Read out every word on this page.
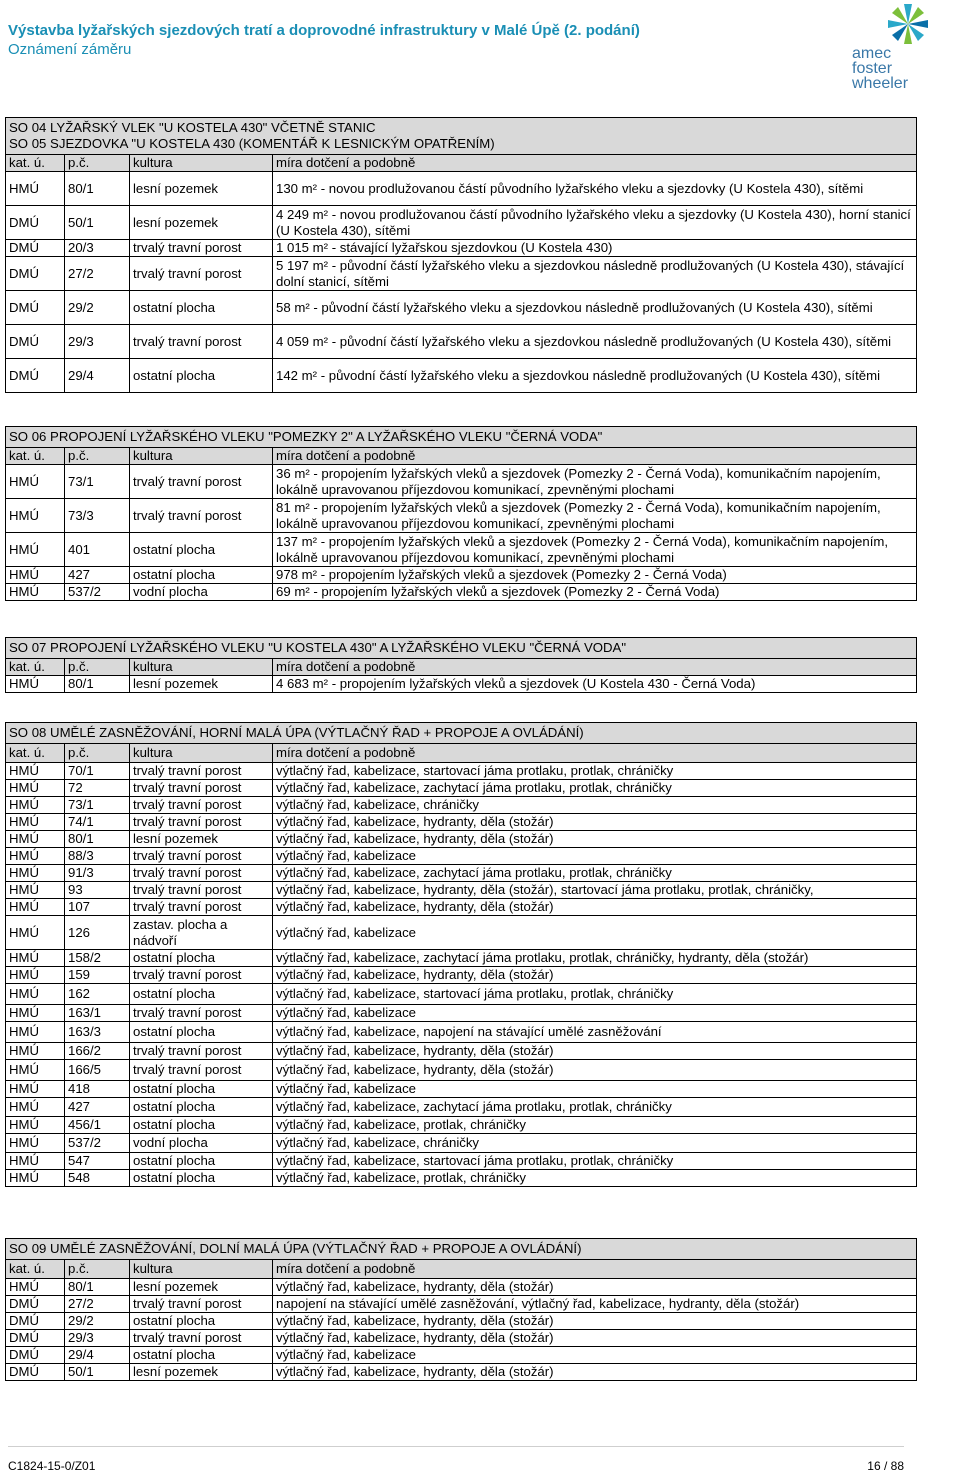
Výstavba lyžařských sjezdových tratí a doprovodné infrastruktury v Malé Úpě (2. podání)
Oznámení záměru	amec
foster
wheeler
SO 04 LYŽAŘSKÝ VLEK "U KOSTELA 430" VČETNĚ STANIC
SO 05 SJEZDOVKA "U KOSTELA 430 (KOMENTÁŘ K LESNICKÝM OPATŘENÍM)			

kat. ú.	p.č.	kultura	míra dotčení a podobně
HMÚ	80/1	lesní pozemek	130 m² - novou prodlužovanou částí původního lyžařského vleku a sjezdovky (U Kostela 430), sítěmi
DMÚ	50/1	lesní pozemek	4 249 m² - novou prodlužovanou částí původního lyžařského vleku a sjezdovky (U Kostela 430), horní stanicí (U Kostela 430), sítěmi
DMÚ	20/3	trvalý travní porost	1 015 m² - stávající lyžařskou sjezdovkou (U Kostela 430)
DMÚ	27/2	trvalý travní porost	5 197 m² - původní částí lyžařského vleku a sjezdovkou následně prodlužovaných (U Kostela 430), stávající dolní stanicí, sítěmi
DMÚ	29/2	ostatní plocha	58 m² - původní částí lyžařského vleku a sjezdovkou následně prodlužovaných (U Kostela 430), sítěmi
DMÚ	29/3	trvalý travní porost	4 059 m² - původní částí lyžařského vleku a sjezdovkou následně prodlužovaných (U Kostela 430), sítěmi
DMÚ	29/4	ostatní plocha	142 m² - původní částí lyžařského vleku a sjezdovkou následně prodlužovaných (U Kostela 430), sítěmi
SO 06 PROPOJENÍ LYŽAŘSKÉHO VLEKU "POMEZKY 2" A LYŽAŘSKÉHO VLEKU "ČERNÁ VODA"			

kat. ú.	p.č.	kultura	míra dotčení a podobně
HMÚ	73/1	trvalý travní porost	36 m² - propojením lyžařských vleků a sjezdovek (Pomezky 2 - Černá Voda), komunikačním napojením, lokálně upravovanou příjezdovou komunikací, zpevněnými plochami
HMÚ	73/3	trvalý travní porost	81 m² - propojením lyžařských vleků a sjezdovek (Pomezky 2 - Černá Voda), komunikačním napojením, lokálně upravovanou příjezdovou komunikací, zpevněnými plochami
HMÚ	401	ostatní plocha	137 m² - propojením lyžařských vleků a sjezdovek (Pomezky 2 - Černá Voda), komunikačním napojením, lokálně upravovanou příjezdovou komunikací, zpevněnými plochami
HMÚ	427	ostatní plocha	978 m² - propojením lyžařských vleků a sjezdovek (Pomezky 2 - Černá Voda)
HMÚ	537/2	vodní plocha	69 m² - propojením lyžařských vleků a sjezdovek (Pomezky 2 - Černá Voda)
SO 07 PROPOJENÍ LYŽAŘSKÉHO VLEKU "U KOSTELA 430" A LYŽAŘSKÉHO VLEKU "ČERNÁ VODA"			

kat. ú.	p.č.	kultura	míra dotčení a podobně
HMÚ	80/1	lesní pozemek	4 683 m² - propojením lyžařských vleků a sjezdovek (U Kostela 430 - Černá Voda)
SO 08 UMĚLÉ ZASNĚŽOVÁNÍ, HORNÍ MALÁ ÚPA (VÝTLAČNÝ ŘAD + PROPOJE A OVLÁDÁNÍ)			

kat. ú.	p.č.	kultura	míra dotčení a podobně
HMÚ	70/1	trvalý travní porost	výtlačný řad, kabelizace, startovací jáma protlaku, protlak, chráničky
HMÚ	72	trvalý travní porost	výtlačný řad, kabelizace, zachytací jáma protlaku, protlak, chráničky
HMÚ	73/1	trvalý travní porost	výtlačný řad, kabelizace, chráničky
HMÚ	74/1	trvalý travní porost	výtlačný řad, kabelizace, hydranty, děla (stožár)
HMÚ	80/1	lesní pozemek	výtlačný řad, kabelizace, hydranty, děla (stožár)
HMÚ	88/3	trvalý travní porost	výtlačný řad, kabelizace
HMÚ	91/3	trvalý travní porost	výtlačný řad, kabelizace, zachytací jáma protlaku, protlak, chráničky
HMÚ	93	trvalý travní porost	výtlačný řad, kabelizace, hydranty, děla (stožár), startovací jáma protlaku, protlak, chráničky,
HMÚ	107	trvalý travní porost	výtlačný řad, kabelizace, hydranty, děla (stožár)
HMÚ	126	zastav. plocha a nádvoří	výtlačný řad, kabelizace
HMÚ	158/2	ostatní plocha	výtlačný řad, kabelizace, zachytací jáma protlaku, protlak, chráničky, hydranty, děla (stožár)
HMÚ	159	trvalý travní porost	výtlačný řad, kabelizace, hydranty, děla (stožár)
HMÚ	162	ostatní plocha	výtlačný řad, kabelizace, startovací jáma protlaku, protlak, chráničky
HMÚ	163/1	trvalý travní porost	výtlačný řad, kabelizace
HMÚ	163/3	ostatní plocha	výtlačný řad, kabelizace, napojení na stávající umělé zasněžování
HMÚ	166/2	trvalý travní porost	výtlačný řad, kabelizace, hydranty, děla (stožár)
HMÚ	166/5	trvalý travní porost	výtlačný řad, kabelizace, hydranty, děla (stožár)
HMÚ	418	ostatní plocha	výtlačný řad, kabelizace
HMÚ	427	ostatní plocha	výtlačný řad, kabelizace, zachytací jáma protlaku, protlak, chráničky
HMÚ	456/1	ostatní plocha	výtlačný řad, kabelizace, protlak, chráničky
HMÚ	537/2	vodní plocha	výtlačný řad, kabelizace, chráničky
HMÚ	547	ostatní plocha	výtlačný řad, kabelizace, startovací jáma protlaku, protlak, chráničky
HMÚ	548	ostatní plocha	výtlačný řad, kabelizace, protlak, chráničky
SO 09 UMĚLÉ ZASNĚŽOVÁNÍ, DOLNÍ MALÁ ÚPA (VÝTLAČNÝ ŘAD + PROPOJE A OVLÁDÁNÍ)			

kat. ú.	p.č.	kultura	míra dotčení a podobně
HMÚ	80/1	lesní pozemek	výtlačný řad, kabelizace, hydranty, děla (stožár)
DMÚ	27/2	trvalý travní porost	napojení na stávající umělé zasněžování, výtlačný řad, kabelizace, hydranty, děla (stožár)
DMÚ	29/2	ostatní plocha	výtlačný řad, kabelizace, hydranty, děla (stožár)
DMÚ	29/3	trvalý travní porost	výtlačný řad, kabelizace, hydranty, děla (stožár)
DMÚ	29/4	ostatní plocha	výtlačný řad, kabelizace
DMÚ	50/1	lesní pozemek	výtlačný řad, kabelizace, hydranty, děla (stožár)
C1824-15-0/Z01	16 / 88
